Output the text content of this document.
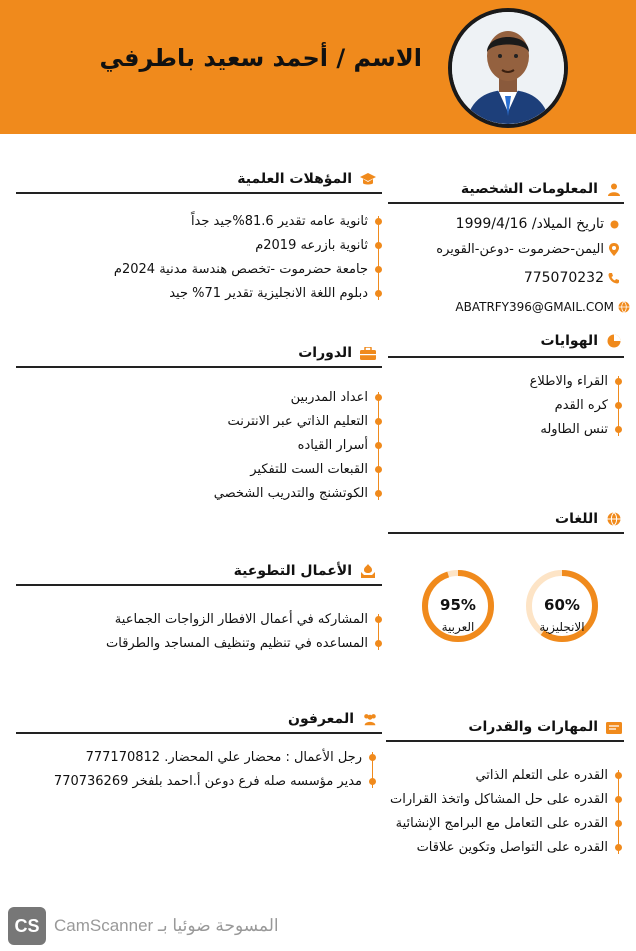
الاسم / أحمد سعيد باطرفي
المعلومات الشخصية
تاريخ الميلاد/ 1999/4/16
اليمن-حضرموت -دوعن-القويره
775070232
ABATRFY396@GMAIL.COM
المؤهلات العلمية
ثانوية عامه تقدير 81.6%جيد جداً
ثانوية بازرعه 2019م
جامعة حضرموت -تخصص هندسة مدنية 2024م
دبلوم اللغة الانجليزية تقدير 71% جيد
الهوايات
القراء والاطلاع
كره القدم
تنس الطاوله
الدورات
اعداد المدربين
التعليم الذاتي عبر الانترنت
أسرار القياده
القبعات الست للتفكير
الكوتشنج والتدريب الشخصي
اللغات
60%
الانجليزية
95%
العربية
الأعمال التطوعية
المشاركه في أعمال الافطار الزواجات الجماعية
المساعده في تنظيم وتنظيف المساجد والطرقات
المعرفون
رجل الأعمال : محضار علي المحضار. 777170812
مدير مؤسسه صله فرع دوعن أ.احمد بلفخر 770736269
المهارات والقدرات
القدره على التعلم الذاتي
القدره على حل المشاكل واتخذ القرارات
القدره على التعامل مع البرامج الإنشائية
القدره على التواصل وتكوين علاقات
CS CamScanner المسوحة ضوئيا بـ
